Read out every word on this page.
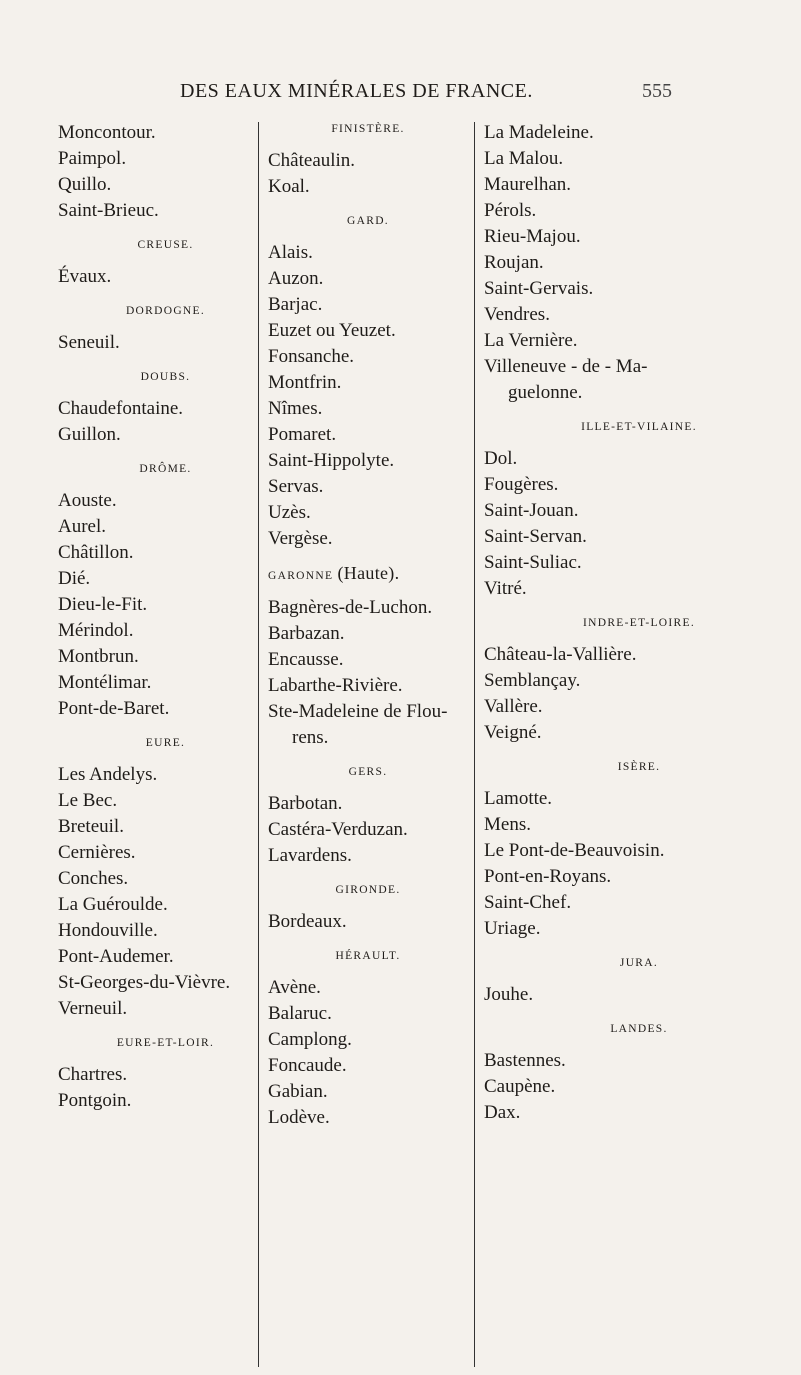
DES EAUX MINÉRALES DE FRANCE.	555
Moncontour.
Paimpol.
Quillo.
Saint-Brieuc.
CREUSE.
Évaux.
DORDOGNE.
Seneuil.
DOUBS.
Chaudefontaine.
Guillon.
DRÔME.
Aouste.
Aurel.
Châtillon.
Dié.
Dieu-le-Fit.
Mérindol.
Montbrun.
Montélimar.
Pont-de-Baret.
EURE.
Les Andelys.
Le Bec.
Breteuil.
Cernières.
Conches.
La Guéroulde.
Hondouville.
Pont-Audemer.
St-Georges-du-Vièvre.
Verneuil.
EURE-ET-LOIR.
Chartres.
Pontgoin.
FINISTÈRE.
Châteaulin.
Koal.
GARD.
Alais.
Auzon.
Barjac.
Euzet ou Yeuzet.
Fonsanche.
Montfrin.
Nîmes.
Pomaret.
Saint-Hippolyte.
Servas.
Uzès.
Vergèse.
GARONNE (Haute).
Bagnères-de-Luchon.
Barbazan.
Encausse.
Labarthe-Rivière.
Ste-Madeleine de Flou-
rens.
GERS.
Barbotan.
Castéra-Verduzan.
Lavardens.
GIRONDE.
Bordeaux.
HÉRAULT.
Avène.
Balaruc.
Camplong.
Foncaude.
Gabian.
Lodève.
La Madeleine.
La Malou.
Maurelhan.
Pérols.
Rieu-Majou.
Roujan.
Saint-Gervais.
Vendres.
La Vernière.
Villeneuve - de - Ma-
guelonne.
ILLE-ET-VILAINE.
Dol.
Fougères.
Saint-Jouan.
Saint-Servan.
Saint-Suliac.
Vitré.
INDRE-ET-LOIRE.
Château-la-Vallière.
Semblançay.
Vallère.
Veigné.
ISÈRE.
Lamotte.
Mens.
Le Pont-de-Beauvoisin.
Pont-en-Royans.
Saint-Chef.
Uriage.
JURA.
Jouhe.
LANDES.
Bastennes.
Caupène.
Dax.
